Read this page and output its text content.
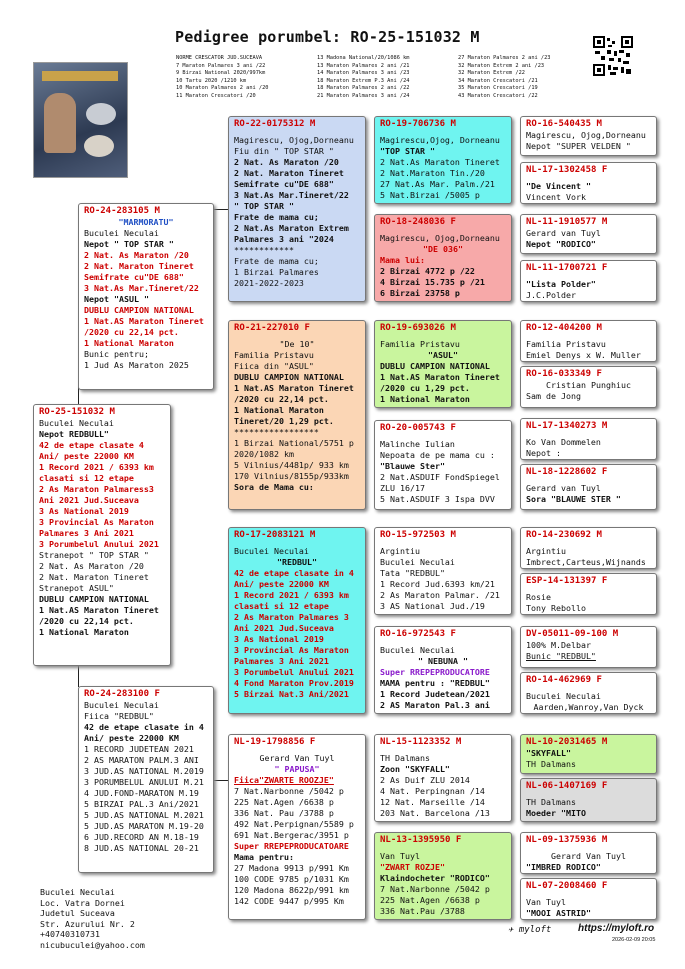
Pedigree porumbel: RO-25-151032 M
NORME CRESCATOR JUD.SUCEAVA
7 Maraton Palmares 3 ani /22
9 Birzai National 2020/997km
10 Tartu 2020 /1210 km
10 Maraton Palmares 2 ani /20
11 Maraton Crescatori /20
13 Madona National/20/1086 km
13 Maraton Palmares 2 ani /21
14 Maraton Palmares 3 ani /23
18 Maraton Extrem P.3 Ani /24
18 Maraton Palmares 2 ani /22
21 Maraton Palmares 3 ani /24
27 Maraton Palmares 2 ani /23
32 Maraton Extrem 2 ani /23
32 Maraton Extrem /22
34 Maraton Crescatori /21
35 Maraton Crescatori /19
43 Maraton Crescatori /22
RO-25-151032 M
Buculei Neculai
Nepot REDBULL"
42 de etape clasate 4
Ani/ peste 22000 KM
1 Record 2021 / 6393 km
clasati si 12 etape
2 As Maraton Palmaress3
Ani 2021 Jud.Suceava
3 As National 2019
3 Provincial As Maraton
Palmares 3 Ani 2021
3 Porumbelul Anului 2021
Stranepot " TOP STAR "
2 Nat. As Maraton /20
2 Nat. Maraton Tineret
Stranepot ASUL"
DUBLU CAMPION NATIONAL
1 Nat.AS Maraton Tineret
/2020 cu 22,14 pct.
1 National Maraton
RO-24-283105 M
"MARMORATU"
Buculei Neculai
Nepot " TOP STAR "
2 Nat. As Maraton /20
2 Nat. Maraton Tineret
Semifrate cu"DE 688"
3 Nat.As Mar.Tineret/22
Nepot "ASUL "
DUBLU CAMPION NATIONAL
1 Nat.AS Maraton Tineret
/2020 cu 22,14 pct.
1 National Maraton
Bunic pentru;
1 Jud As Maraton 2025
RO-24-283100 F
Buculei Neculai
Fiica "REDBUL"
42 de etape clasate in 4
Ani/ peste 22000 KM
1 RECORD JUDETEAN 2021
2 AS MARATON PALM.3 ANI
3 JUD.AS NATIONAL M.2019
3 PORUMBELUL ANULUI M.21
4 JUD.FOND-MARATON M.19
5 BIRZAI PAL.3 Ani/2021
5 JUD.AS NATIONAL M.2021
5 JUD.AS MARATON M.19-20
6 JUD.RECORD AN M.18-19
8 JUD.AS NATIONAL 20-21
RO-22-0175312 M
Magirescu, Ojog,Dorneanu
Fiu din " TOP STAR "
2 Nat. As Maraton /20
2 Nat. Maraton Tineret
Semifrate cu"DE 688"
3 Nat.As Mar.Tineret/22
" TOP STAR "
Frate de mama cu;
2 Nat.As Maraton Extrem
Palmares 3 ani "2024
************
Frate de mama cu;
1 Birzai Palmares
2021-2022-2023
RO-21-227010 F
"De 10"
Familia Pristavu
Fiica din "ASUL"
DUBLU CAMPION NATIONAL
1 Nat.AS Maraton Tineret
/2020 cu 22,14 pct.
1 National Maraton
Tineret/20 1,29 pct.
*****************
1 Birzai National/5751 p
2020/1082 km
5 Vilnius/4481p/ 933 km
170 Vilnius/8155p/933km
Sora de Mama cu:
RO-17-2083121 M
Buculei Neculai
"REDBUL"
42 de etape clasate in 4
Ani/ peste 22000 KM
1 Record 2021 / 6393 km
clasati si 12 etape
2 As Maraton Palmares 3
Ani 2021 Jud.Suceava
3 As National 2019
3 Provincial As Maraton
Palmares 3 Ani 2021
3 Porumbelul Anului 2021
4 Fond Maraton Prov.2019
5 Birzai Nat.3 Ani/2021
NL-19-1798856 F
Gerard Van Tuyl
" PAPUSA"
Fiica"ZWARTE ROOZJE"
7 Nat.Narbonne /5042 p
225 Nat.Agen /6638 p
336 Nat. Pau /3788 p
492 Nat.Perpignan/5589 p
691 Nat.Bergerac/3951 p
Super RREPEPRODUCATOARE
Mama pentru:
27 Madona 9913 p/991 Km
100 CODE 9785 p/1031 Km
120 Madona 8622p/991 km
142 CODE 9447 p/995 Km
RO-19-706736 M
Magirescu,Ojog, Dorneanu
"TOP STAR "
2 Nat.As Maraton Tineret
2 Nat.Maraton Tin./20
27 Nat.As Mar. Palm./21
5 Nat.Birzai /5005 p
RO-18-248036 F
Magirescu, Ojog,Dorneanu
"DE 036"
Mama lui:
2 Birzai 4772 p /22
4 Birzai 15.735 p /21
6 Birzai 23758 p
RO-19-693026 M
Familia Pristavu
"ASUL"
DUBLU CAMPION NATIONAL
1 Nat.AS Maraton Tineret
/2020 cu 1,29 pct.
1 National Maraton
RO-20-005743 F
Malinche Iulian
Nepoata de pe mama cu :
"Blauwe Ster"
2 Nat.ASDUIF FondSpiegel
ZLU 16/17
5 Nat.ASDUIF 3 Ispa DVV
RO-15-972503 M
Argintiu
Buculei Neculai
Tata "REDBUL"
1 Record Jud.6393 km/21
2 As Maraton Palmar. /21
3 AS National Jud./19
RO-16-972543 F
Buculei Neculai
" NEBUNA "
Super RREPEPRODUCATORE
MAMA pentru : "REDBUL"
1 Record Judetean/2021
2 AS Maraton Pal.3 ani
NL-15-1123352 M
TH Dalmans
Zoon "SKYFALL"
2 As Duif ZLU 2014
4 Nat. Perpingnan /14
12 Nat. Marseille /14
203 Nat. Barcelona /13
NL-13-1395950 F
Van Tuyl
"ZWART ROZJE"
Klaindocheter "RODICO"
7 Nat.Narbonne /5042 p
225 Nat.Agen /6638 p
336 Nat.Pau /3788
RO-16-540435 M
Magirescu, Ojog,Dorneanu
Nepot "SUPER VELDEN "
NL-17-1302458 F
"De Vincent "
Vincent Vork
NL-11-1910577 M
Gerard van Tuyl
Nepot "RODICO"
NL-11-1700721 F
"Lista Polder"
J.C.Polder
RO-12-404200 M
Familia Pristavu
Emiel Denys x W. Muller
RO-16-033349 F
Cristian Punghiuc
Sam de Jong
NL-17-1340273 M
Ko Van Dommelen
Nepot :
NL-18-1228602 F
Gerard van Tuyl
Sora "BLAUWE STER "
RO-14-230692 M
Argintiu
Imbrect,Carteus,Wijnands
ESP-14-131397 F
Rosie
Tony Rebollo
DV-05011-09-100 M
100% M.Delbar
Bunic "REDBUL"
RO-14-462969 F
Buculei Neculai
Aarden,Wanroy,Van Dyck
NL-10-2031465 M
"SKYFALL"
TH Dalmans
NL-06-1407169 F
TH Dalmans
Moeder "MITO
NL-09-1375936 M
Gerard Van Tuyl
"IMBRED RODICO"
NL-07-2008460 F
Van Tuyl
"MOOI ASTRID"
Buculei Neculai
Loc. Vatra Dornei
Judetul Suceava
Str. Azurului Nr. 2
+40740310731
nicubuculei@yahoo.com
✈ myloft	https://myloft.ro
2026-02-09 20:05
